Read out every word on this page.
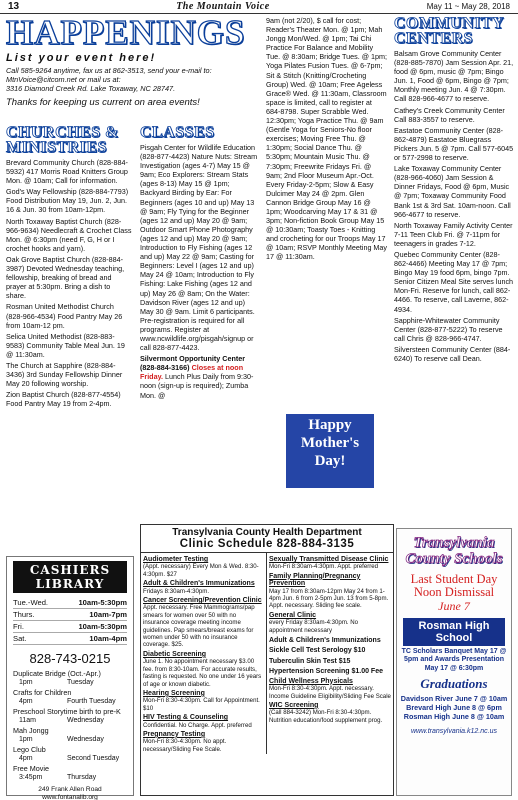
13	The Mountain Voice	May 11 ~ May 28, 2018
HAPPENINGS
List your event here!
Call 585-9264 anytime, fax us at 862-3513, send your e-mail to: MtnVoice@citcom.net or mail us at:
3316 Diamond Creek Rd. Lake Toxaway, NC 28747.
Thanks for keeping us current on area events!
CHURCHES & MINISTRIES

Brevard Community Church (828-884-5932) 417 Morris Road Knitters Group Mon. @ 10am; Call for information.

God's Way Fellowship (828-884-7793) Food Distribution May 19, Jun. 2, Jun. 16 & Jun. 30 from 10am-12pm.

North Toxaway Baptist Church (828-966-9634) Needlecraft & Crochet Class Mon. @ 6:30pm (need F, G, H or I crochet hooks and yarn).

Oak Grove Baptist Church (828-884-3987) Devoted Wednesday teaching, fellowship, breaking of bread and prayer at 5:30pm. Bring a dish to share.

Rosman United Methodist Church (828-966-4534) Food Pantry May 26 from 10am-12 pm.

Selica United Methodist (828-883-9583) Community Table Meal Jun. 19 @ 11:30am.

The Church at Sapphire (828-884-3436) 3rd Sunday Fellowship Dinner May 20 following worship.

Zion Baptist Church (828-877-4554) Food Pantry May 19 from 2-4pm.

CLASSES

Pisgah Center for Wildlife Education (828-877-4423) Nature Nuts: Stream Investigation (ages 4-7) May 15 @ 9am; Eco Explorers: Stream Stats (ages 8-13) May 15 @ 1pm; Backyard Birding by Ear: For Beginners (ages 10 and up) May 13 @ 9am; Fly Tying for the Beginner (ages 12 and up) May 20 @ 9am; Outdoor Smart Phone Photography (ages 12 and up) May 20 @ 9am; Introduction to Fly Fishing (ages 12 and up) May 22 @ 9am; Casting for Beginners: Level I (ages 12 and up) May 24 @ 10am; Introduction to Fly Fishing: Lake Fishing (ages 12 and up) May 26 @ 8am; On the Water: Davidson River (ages 12 and up) May 30 @ 9am. Limit 6 participants. Pre-registration is required for all programs. Register at www.ncwildlife.org/pisgah/signup or call 828-877-4423.

Silvermont Opportunity Center (828-884-3166) Closes at noon Friday. Lunch Plus Daily from 9:30-noon (sign-up is required); Zumba Mon. @

9am (not 2/20), $ call for cost; Reader's Theater Mon. @ 1pm; Mah Jongg Mon/Wed. @ 1pm; Tai Chi Practice For Balance and Mobility Tue. @ 8:30am; Bridge Tues. @ 1pm; Yoga Pilates Fusion Tues. @ 6-7pm; Sit & Stitch (Knitting/Crocheting Group) Wed. @ 10am; Free Ageless Grace® Wed. @ 11:30am, Classroom space is limited, call to register at 684-8798. Super Scrabble Wed. 12:30pm; Yoga Practice Thu. @ 9am (Gentle Yoga for Seniors-No floor exercises; Moving Free Thu. @ 1:30pm; Social Dance Thu. @ 5:30pm; Mountain Music Thu. @ 7:30pm; Freewrite Fridays Fri. @ 9am; 2nd Floor Museum Apr.-Oct. Every Friday-2-5pm; Slow & Easy Dulcimer May 24 @ 2pm. Glen Cannon Bridge Group May 16 @ 1pm; Woodcarving May 17 & 31 @ 3pm; Non-fiction Book Group May 15 @ 10:30am; Toasty Toes - Knitting and crocheting for our Troops May 17 @ 10am; RSVP Monthly Meeting May 17 @ 11:30am.

Happy Mother's Day!
COMMUNITY CENTERS

Balsam Grove Community Center (828-885-7870) Jam Session Apr. 21, food @ 6pm, music @ 7pm; Bingo Jun. 1, Food @ 6pm, Bingo @ 7pm; Monthly meeting Jun. 4 @ 7:30pm. Call 828-966-4677 to reserve.

Cathey's Creek Community Center Call 883-3557 to reserve.

Eastatoe Community Center (828-862-4879) Eastatoe Bluegrass Pickers Jun. 5 @ 7pm. Call 577-6045 or 577-2998 to reserve.

Lake Toxaway Community Center (828-966-4060) Jam Session & Dinner Fridays, Food @ 6pm, Music @ 7pm; Toxaway Community Food Bank 1st & 3rd Sat. 10am-noon. Call 966-4677 to reserve.

North Toxaway Family Activity Center 7-11 Teen Club Fri. @ 7-11pm for teenagers in grades 7-12.

Quebec Community Center (828-862-4466) Meeting May 17 @ 7pm; Bingo May 19 food 6pm, bingo 7pm. Senior Citizen Meal Site serves lunch Mon-Fri. Reserve for lunch, call 862-4466. To reserve, call Laverne, 862-4934.

Sapphire-Whitewater Community Center (828-877-5222) To reserve call Chris @ 828-966-4747.

Silversteen Community Center (884-6240) To reserve call Dean.

CASHIERS LIBRARY
Tue.-Wed.	10am-5:30pm
Thurs.	10am-7pm
Fri.	10am-5:30pm
Sat.	10am-4pm
828-743-0215
Duplicate Bridge (Oct.-Apr.)
1pm	Tuesday
Crafts for Children
4pm	Fourth Tuesday
Preschool Storytime birth to pre-K
11am	Wednesday
Mah Jongg
1pm	Wednesday
Lego Club
4pm	Second Tuesday
Free Movie
3:45pm	Thursday
249 Frank Allen Road
www.fontanalib.org
Transylvania County Health Department
Clinic Schedule 828-884-3135
Audiometer Testing
(Appt. necessary) Every Mon & Wed. 8:30-4:30pm. $27
Adult & Children's Immunizations
Fridays 8:30am-4:30pm.
Cancer Screening/Prevention Clinic
Appt. necessary. Free Mammograms/pap smears for women over 50 with no insurance coverage meeting income guidelines. Pap smears/breast exams for women under 50 with no insurance coverage. $25.
Diabetic Screening
June 1. No appointment necessary $3.00 fee. from 8:30-10am. For accurate results, fasting is requested. No one under 16 years of age or known diabetic.
Hearing Screening
Mon-Fri 8:30-4:30pm. Call for Appointment. $10
HIV Testing & Counseling
Confidential. No Charge. Appt. preferred
Pregnancy Testing
Mon-Fri 8:30-4:30pm. No appt. necessary/Sliding Fee Scale.
Sexually Transmitted Disease Clinic
Mon-Fri 8:30am-4:30pm. Appt. preferred
Family Planning/Pregnancy Prevention
May 17 from 8:30am-12pm May 24 from 1-4pm Jun. 6 from 2-5pm Jun. 13 from 5-8pm. Appt. necessary. Sliding fee scale.
General Clinic
every Friday 8:30am-4:30pm. No appointment necessary
Adult & Children's Immunizations
Sickle Cell Test Serology $10
Tuberculin Skin Test $15
Hypertension Screening $1.00 Fee
Child Wellness Physicals
Mon-Fri 8:30-4:30pm. Appt. necessary. Income Guideline Eligibility/Sliding Fee Scale
WIC Screening
(Call 884-3242) Mon-Fri 8:30-4:30pm. Nutrition education/food supplement prog.
Transylvania County Schools
Last Student Day Noon Dismissal
June 7
Rosman High School
TC Scholars Banquet May 17 @ 5pm and Awards Presentation May 17 @ 6:30pm
Graduations
Davidson River June 7 @ 10am
Brevard High June 8 @ 6pm
Rosman High June 8 @ 10am
www.transylvania.k12.nc.us
